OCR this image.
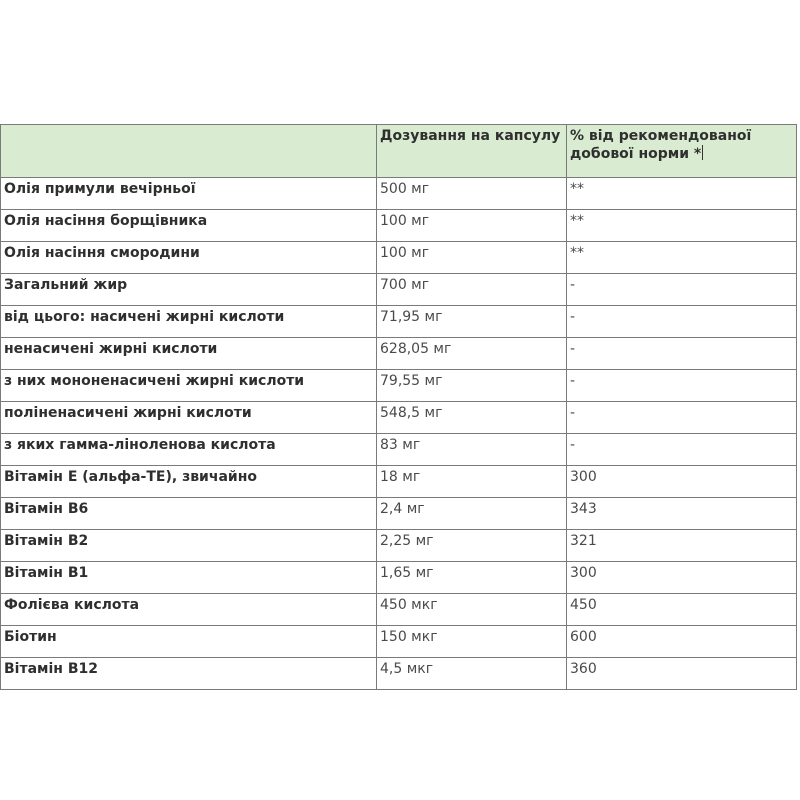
	Дозування на капсулу	% від рекомендованої добової норми *
Олія примули вечірньої	500 мг	**
Олія насіння борщівника	100 мг	**
Олія насіння смородини	100 мг	**
Загальний жир	700 мг	-
від цього: насичені жирні кислоти	71,95 мг	-
ненасичені жирні кислоти	628,05 мг	-
з них мононенасичені жирні кислоти	79,55 мг	-
поліненасичені жирні кислоти	548,5 мг	-
з яких гамма-ліноленова кислота	83 мг	-
Вітамін E (альфа-TE), звичайно	18 мг	300
Вітамін B6	2,4 мг	343
Вітамін B2	2,25 мг	321
Вітамін B1	1,65 мг	300
Фолієва кислота	450 мкг	450
Біотин	150 мкг	600
Вітамін B12	4,5 мкг	360
